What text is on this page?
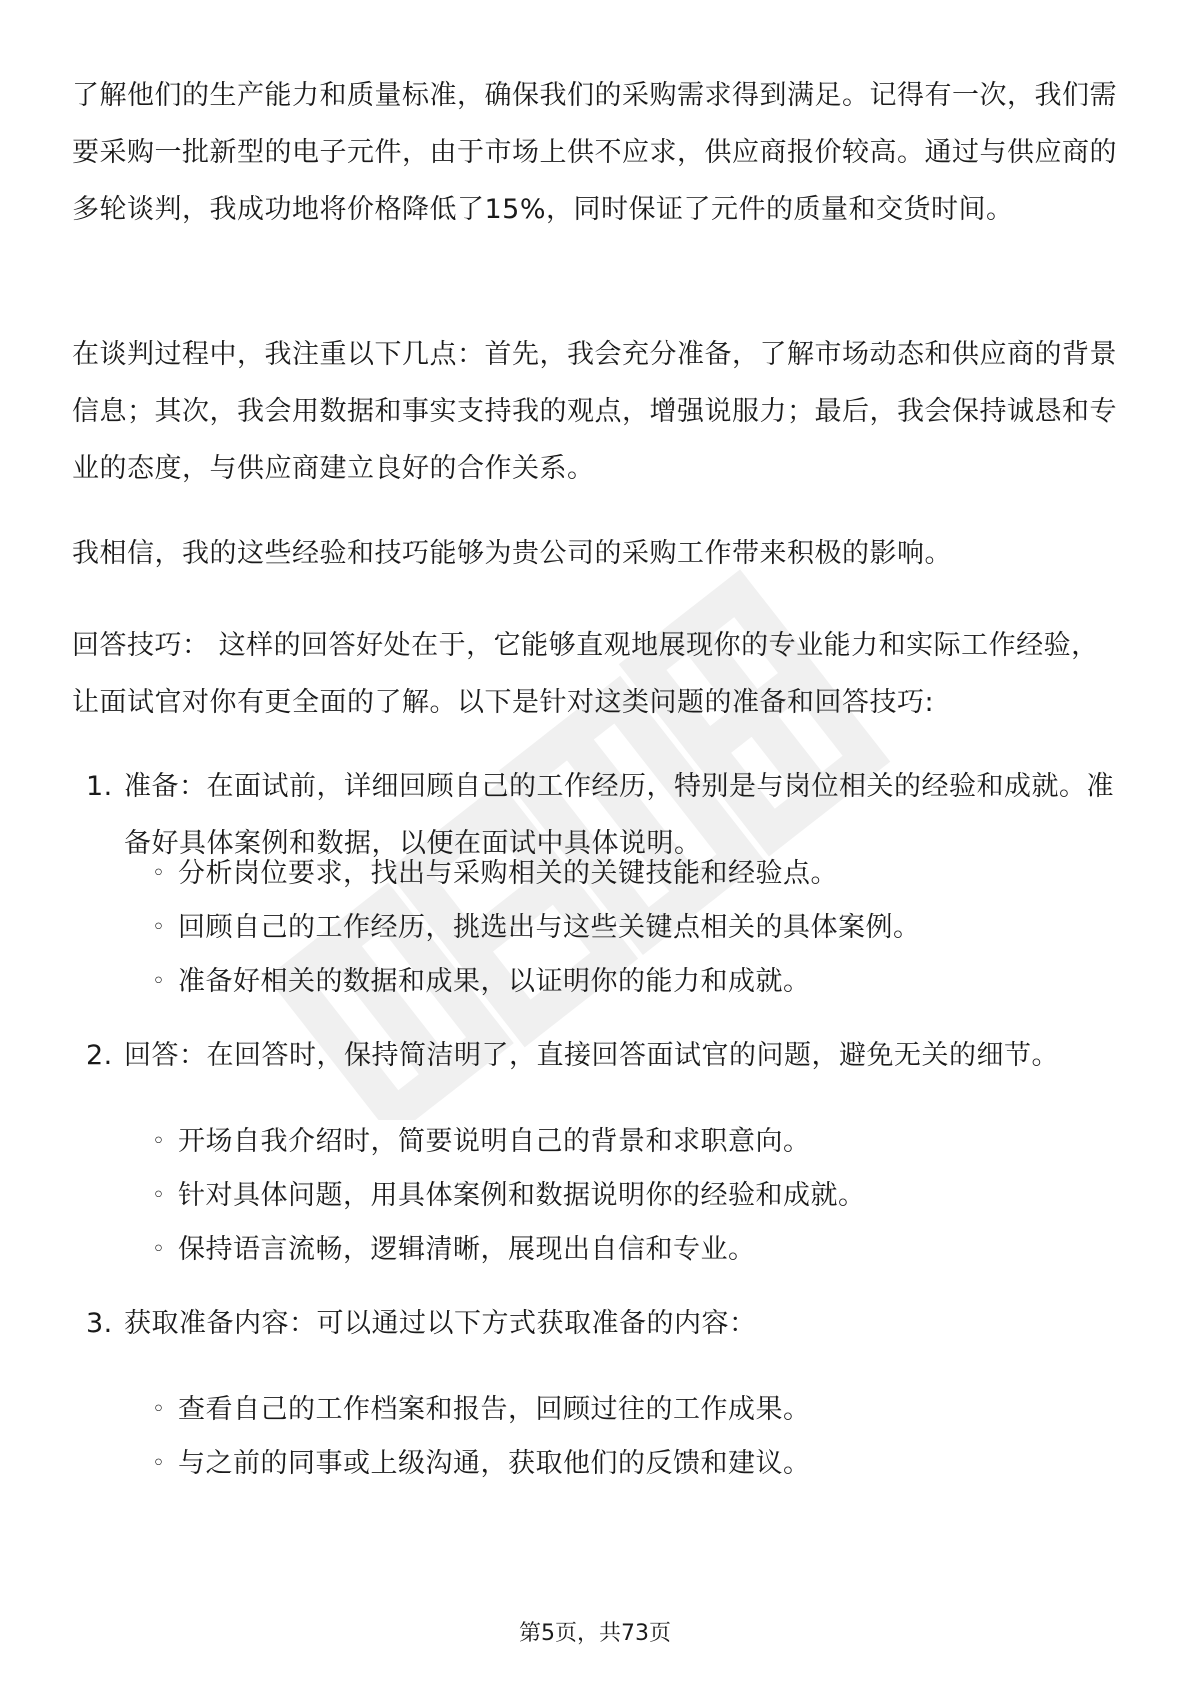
了解他们的生产能力和质量标准，确保我们的采购需求得到满足。记得有一次，我们需要采购一批新型的电子元件，由于市场上供不应求，供应商报价较高。通过与供应商的多轮谈判，我成功地将价格降低了15%，同时保证了元件的质量和交货时间。

在谈判过程中，我注重以下几点：首先，我会充分准备，了解市场动态和供应商的背景信息；其次，我会用数据和事实支持我的观点，增强说服力；最后，我会保持诚恳和专业的态度，与供应商建立良好的合作关系。

我相信，我的这些经验和技巧能够为贵公司的采购工作带来积极的影响。

回答技巧： 这样的回答好处在于，它能够直观地展现你的专业能力和实际工作经验，让面试官对你有更全面的了解。以下是针对这类问题的准备和回答技巧:

1. 准备：在面试前，详细回顾自己的工作经历，特别是与岗位相关的经验和成就。准备好具体案例和数据，以便在面试中具体说明。
◦ 分析岗位要求，找出与采购相关的关键技能和经验点。
◦ 回顾自己的工作经历，挑选出与这些关键点相关的具体案例。
◦ 准备好相关的数据和成果，以证明你的能力和成就。
2. 回答：在回答时，保持简洁明了，直接回答面试官的问题，避免无关的细节。
◦ 开场自我介绍时，简要说明自己的背景和求职意向。
◦ 针对具体问题，用具体案例和数据说明你的经验和成就。
◦ 保持语言流畅，逻辑清晰，展现出自信和专业。
3. 获取准备内容：可以通过以下方式获取准备的内容：
◦ 查看自己的工作档案和报告，回顾过往的工作成果。
◦ 与之前的同事或上级沟通，获取他们的反馈和建议。
第5页，共73页
